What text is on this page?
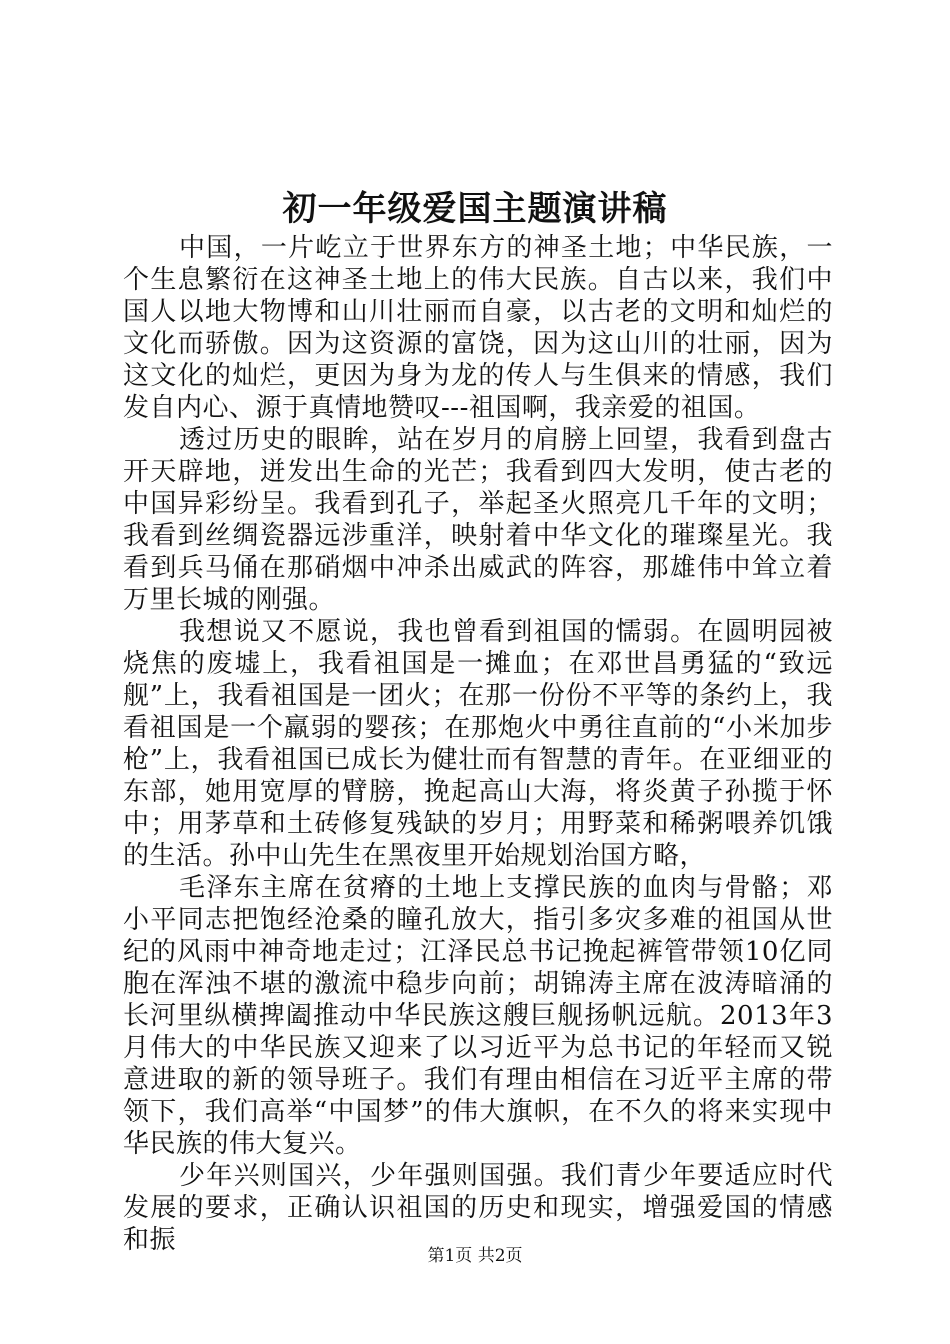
初一年级爱国主题演讲稿

中国，一片屹立于世界东方的神圣土地；中华民族，一个生息繁衍在这神圣土地上的伟大民族。自古以来，我们中国人以地大物博和山川壮丽而自豪，以古老的文明和灿烂的文化而骄傲。因为这资源的富饶，因为这山川的壮丽，因为这文化的灿烂，更因为身为龙的传人与生俱来的情感，我们发自内心、源于真情地赞叹---祖国啊，我亲爱的祖国。

透过历史的眼眸，站在岁月的肩膀上回望，我看到盘古开天辟地，迸发出生命的光芒；我看到四大发明，使古老的中国异彩纷呈。我看到孔子，举起圣火照亮几千年的文明；我看到丝绸瓷器远涉重洋，映射着中华文化的璀璨星光。我看到兵马俑在那硝烟中冲杀出威武的阵容，那雄伟中耸立着万里长城的刚强。

我想说又不愿说，我也曾看到祖国的懦弱。在圆明园被烧焦的废墟上，我看祖国是一摊血；在邓世昌勇猛的“致远舰”上，我看祖国是一团火；在那一份份不平等的条约上，我看祖国是一个羸弱的婴孩；在那炮火中勇往直前的“小米加步枪”上，我看祖国已成长为健壮而有智慧的青年。在亚细亚的东部，她用宽厚的臂膀，挽起高山大海，将炎黄子孙揽于怀中；用茅草和土砖修复残缺的岁月；用野菜和稀粥喂养饥饿的生活。孙中山先生在黑夜里开始规划治国方略，

毛泽东主席在贫瘠的土地上支撑民族的血肉与骨骼；邓小平同志把饱经沧桑的瞳孔放大，指引多灾多难的祖国从世纪的风雨中神奇地走过；江泽民总书记挽起裤管带领10亿同胞在浑浊不堪的激流中稳步向前；胡锦涛主席在波涛暗涌的长河里纵横捭阖推动中华民族这艘巨舰扬帆远航。2013年3月伟大的中华民族又迎来了以习近平为总书记的年轻而又锐意进取的新的领导班子。我们有理由相信在习近平主席的带领下，我们高举“中国梦”的伟大旗帜，在不久的将来实现中华民族的伟大复兴。

少年兴则国兴，少年强则国强。我们青少年要适应时代发展的要求，正确认识祖国的历史和现实，增强爱国的情感和振

第1页 共2页
